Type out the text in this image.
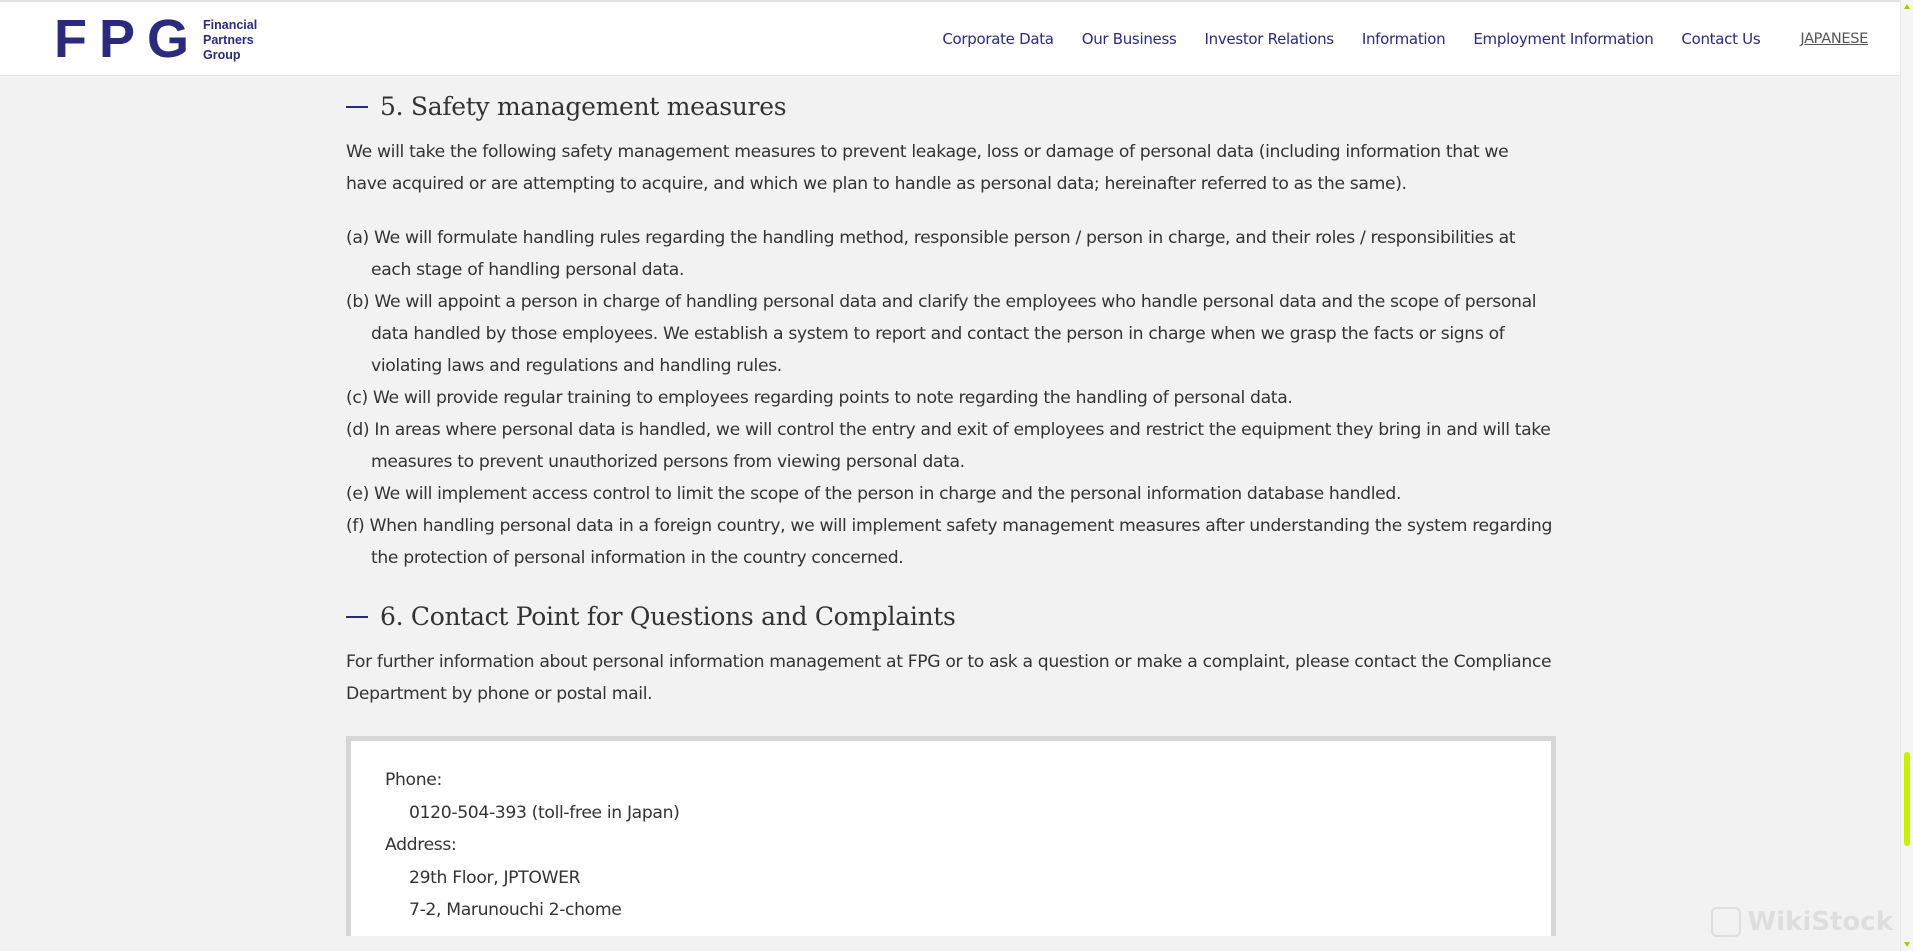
FPG Financial
Partners
Group
Corporate Data Our Business Investor Relations Information Employment Information Contact Us	JAPANESE
5. Safety management measures

We will take the following safety management measures to prevent leakage, loss or damage of personal data (including information that we have acquired or are attempting to acquire, and which we plan to handle as personal data; hereinafter referred to as the same).

(a) We will formulate handling rules regarding the handling method, responsible person / person in charge, and their roles / responsibilities at each stage of handling personal data.
(b) We will appoint a person in charge of handling personal data and clarify the employees who handle personal data and the scope of personal data handled by those employees. We establish a system to report and contact the person in charge when we grasp the facts or signs of violating laws and regulations and handling rules.
(c) We will provide regular training to employees regarding points to note regarding the handling of personal data.
(d) In areas where personal data is handled, we will control the entry and exit of employees and restrict the equipment they bring in and will take measures to prevent unauthorized persons from viewing personal data.
(e) We will implement access control to limit the scope of the person in charge and the personal information database handled.
(f) When handling personal data in a foreign country, we will implement safety management measures after understanding the system regarding the protection of personal information in the country concerned.
6. Contact Point for Questions and Complaints

For further information about personal information management at FPG or to ask a question or make a complaint, please contact the Compliance Department by phone or postal mail.

Phone:
0120-504-393 (toll-free in Japan)
Address:
29th Floor, JPTOWER
7-2, Marunouchi 2-chome	WikiStock
